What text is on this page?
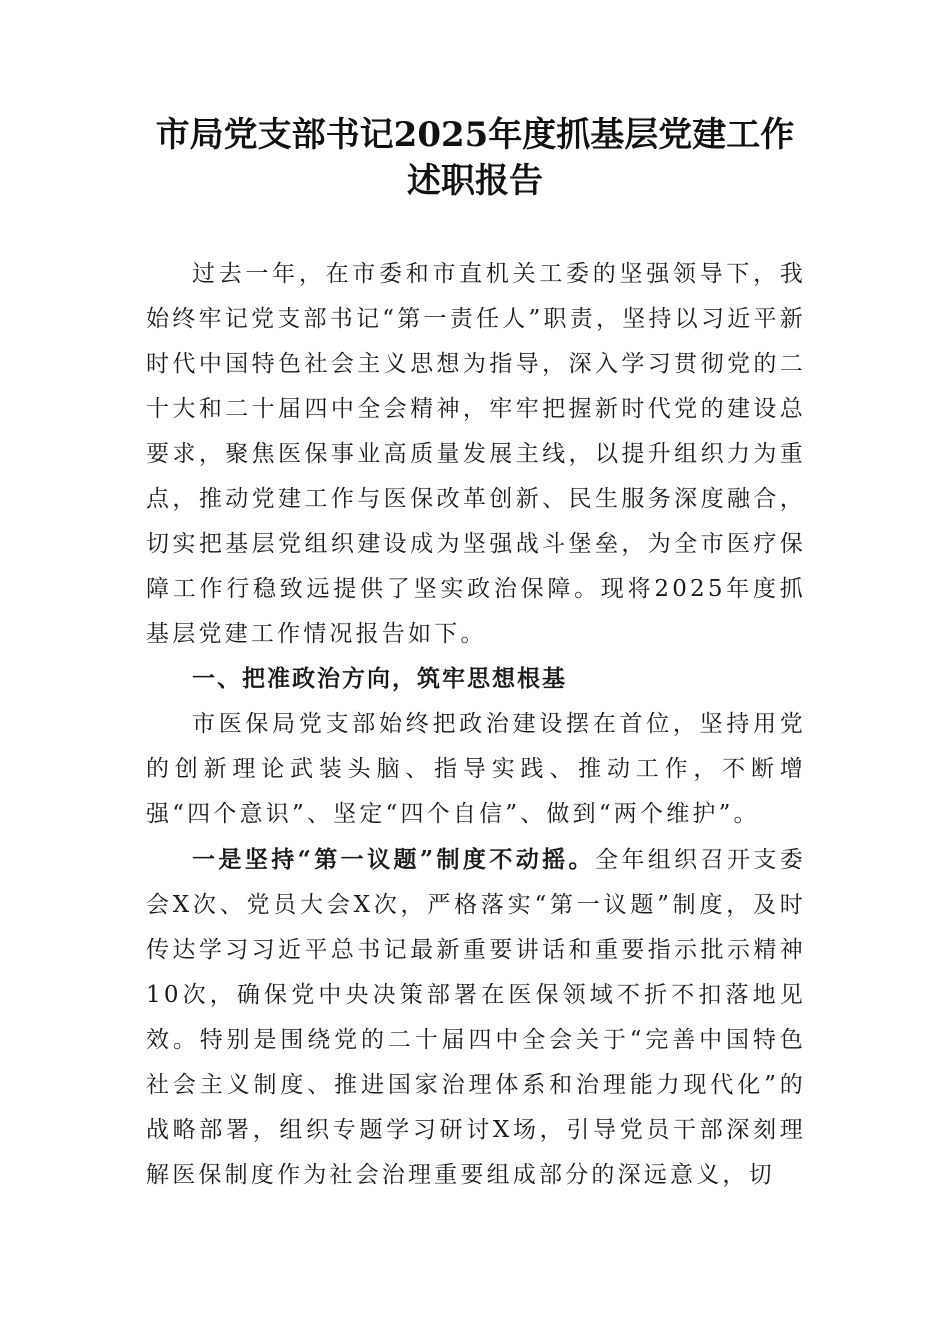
市局党支部书记2025年度抓基层党建工作
述职报告

过去一年，在市委和市直机关工委的坚强领导下，我始终牢记党支部书记“第一责任人”职责，坚持以习近平新时代中国特色社会主义思想为指导，深入学习贯彻党的二十大和二十届四中全会精神，牢牢把握新时代党的建设总要求，聚焦医保事业高质量发展主线，以提升组织力为重点，推动党建工作与医保改革创新、民生服务深度融合，切实把基层党组织建设成为坚强战斗堡垒，为全市医疗保障工作行稳致远提供了坚实政治保障。现将2025年度抓基层党建工作情况报告如下。

一、把准政治方向，筑牢思想根基

市医保局党支部始终把政治建设摆在首位，坚持用党的创新理论武装头脑、指导实践、推动工作，不断增强“四个意识”、坚定“四个自信”、做到“两个维护”。

一是坚持“第一议题”制度不动摇。全年组织召开支委会X次、党员大会X次，严格落实“第一议题”制度，及时传达学习习近平总书记最新重要讲话和重要指示批示精神10次，确保党中央决策部署在医保领域不折不扣落地见效。特别是围绕党的二十届四中全会关于“完善中国特色社会主义制度、推进国家治理体系和治理能力现代化”的战略部署，组织专题学习研讨X场，引导党员干部深刻理解医保制度作为社会治理重要组成部分的深远意义，切
